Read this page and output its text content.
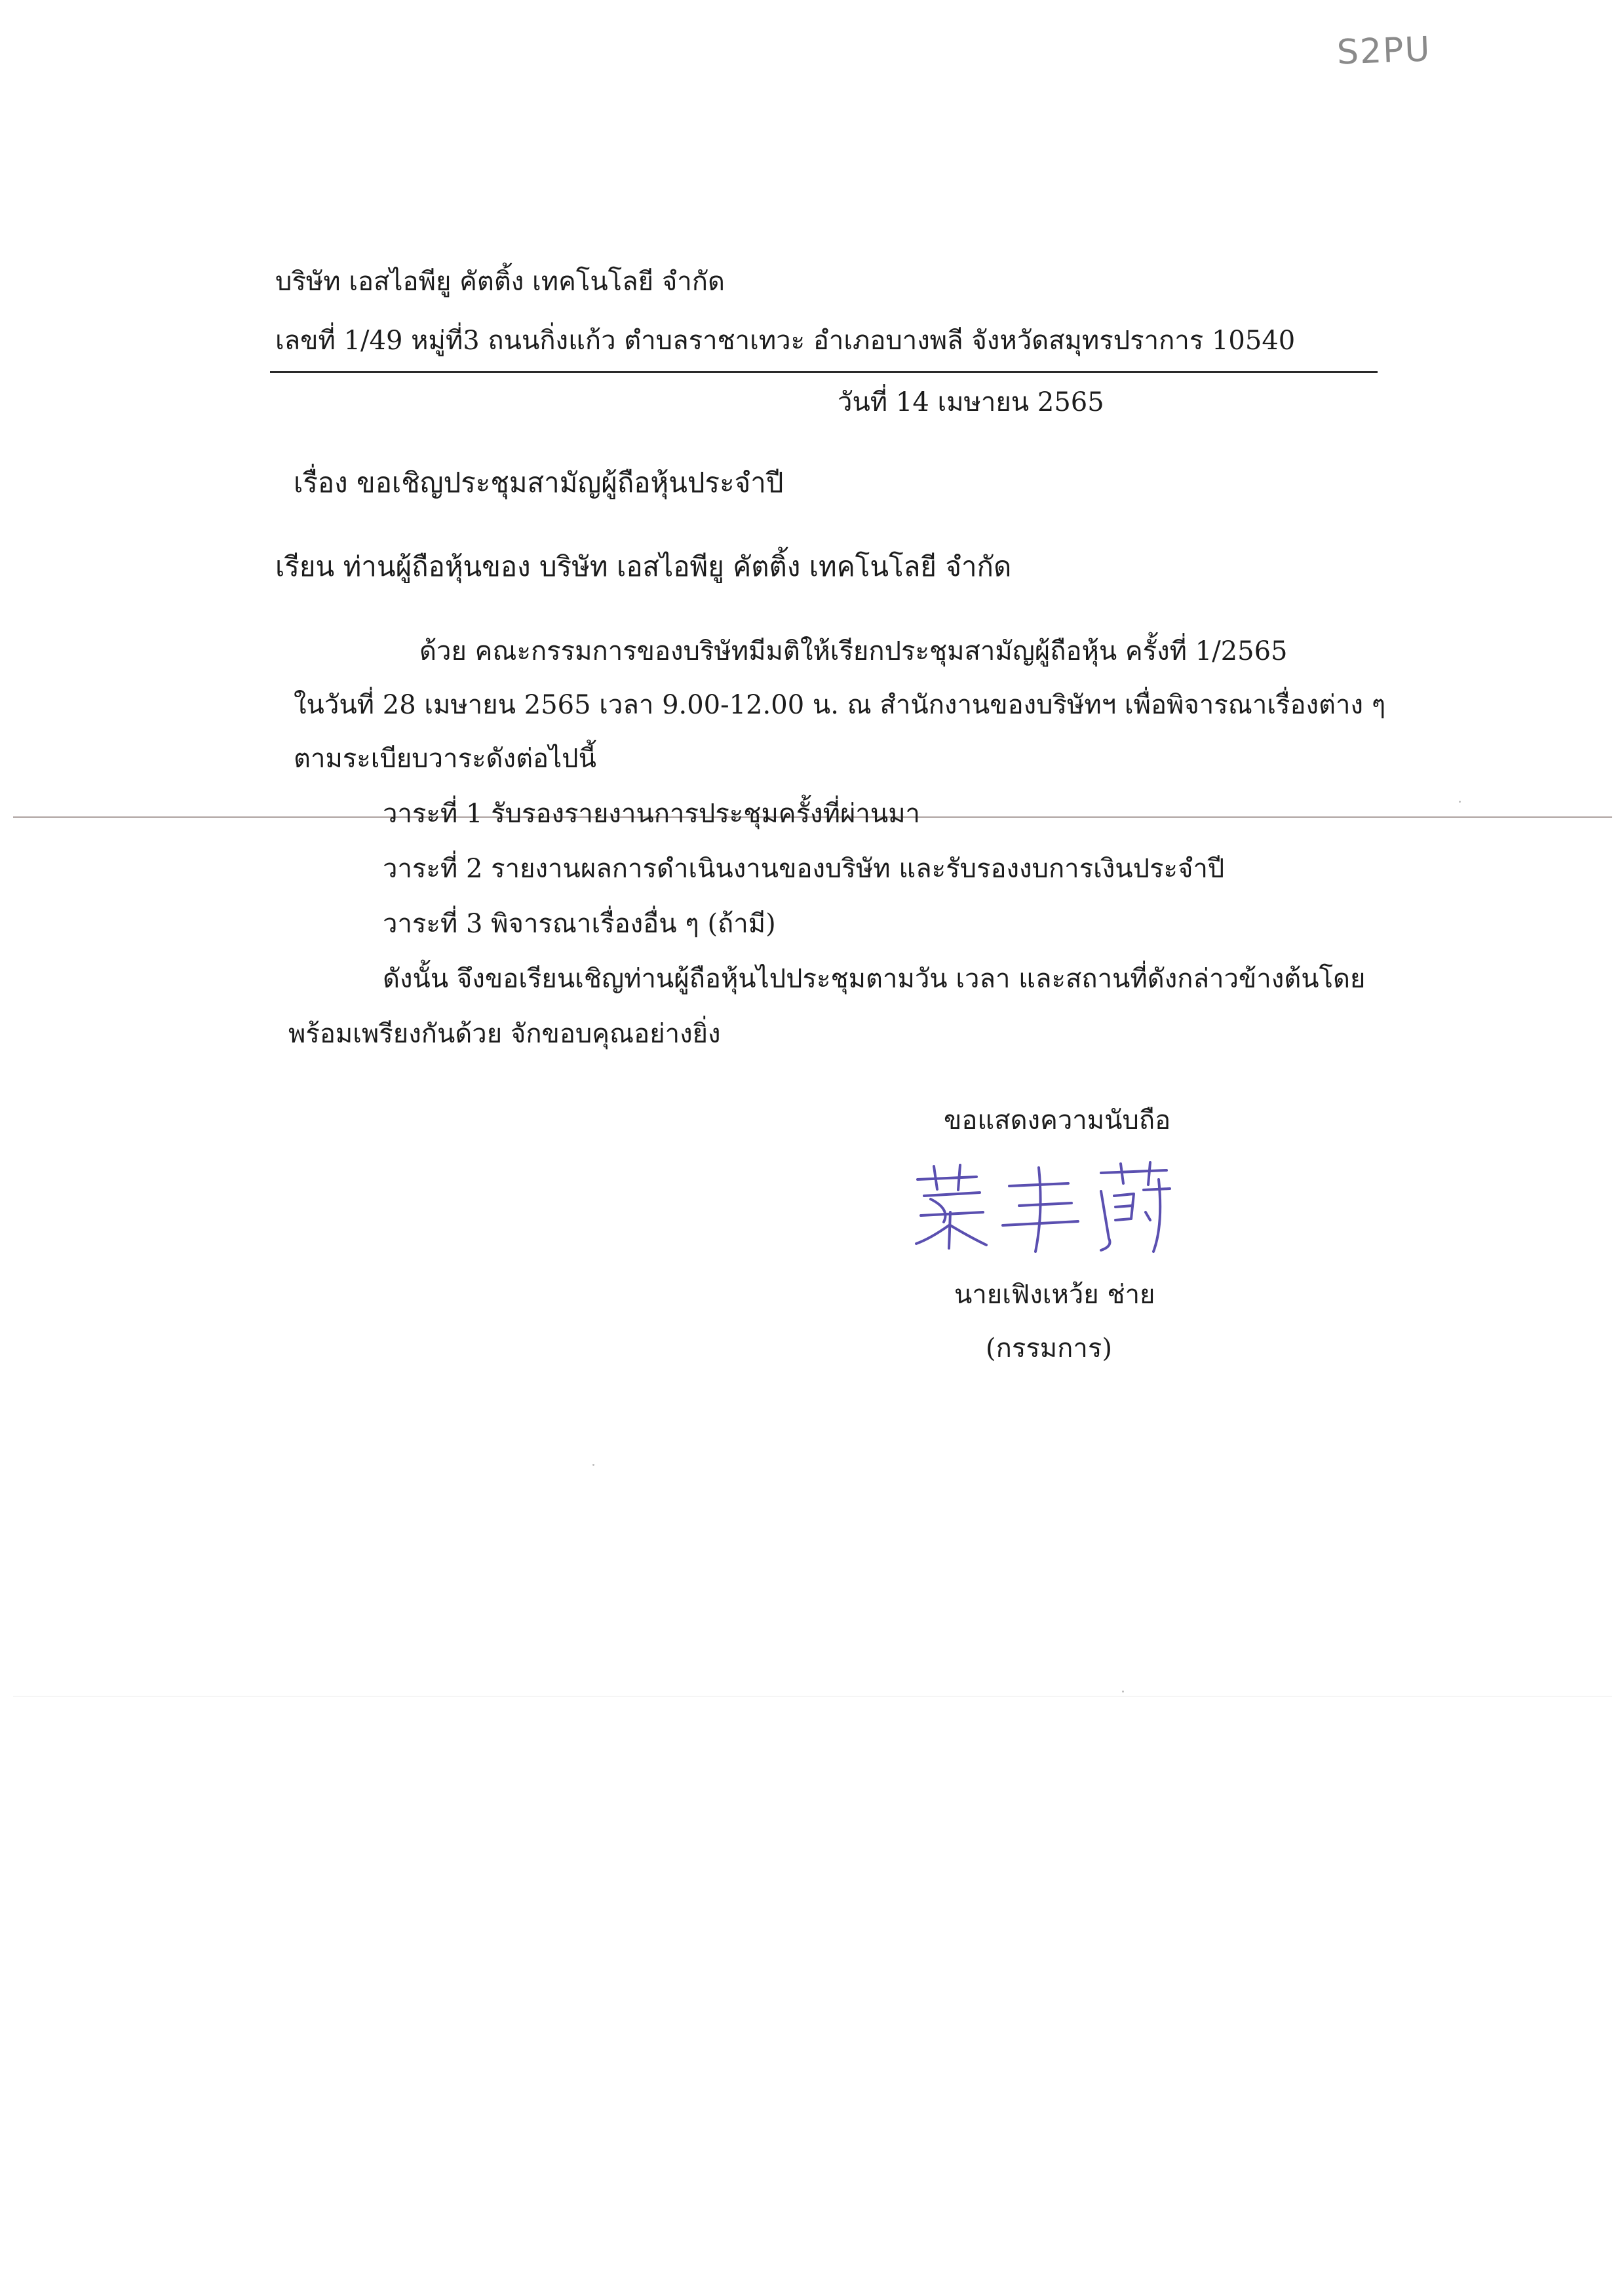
S2PU
บริษัท เอสไอพียู คัตติ้ง เทคโนโลยี จำกัด
เลขที่ 1/49 หมู่ที่3 ถนนกิ่งแก้ว ตำบลราชาเทวะ อำเภอบางพลี จังหวัดสมุทรปราการ 10540
วันที่ 14 เมษายน 2565
เรื่อง ขอเชิญประชุมสามัญผู้ถือหุ้นประจำปี
เรียน ท่านผู้ถือหุ้นของ บริษัท เอสไอพียู คัตติ้ง เทคโนโลยี จำกัด
ด้วย คณะกรรมการของบริษัทมีมติให้เรียกประชุมสามัญผู้ถือหุ้น ครั้งที่ 1/2565
ในวันที่ 28 เมษายน 2565 เวลา 9.00-12.00 น. ณ สำนักงานของบริษัทฯ เพื่อพิจารณาเรื่องต่าง ๆ
ตามระเบียบวาระดังต่อไปนี้
วาระที่ 1 รับรองรายงานการประชุมครั้งที่ผ่านมา
วาระที่ 2 รายงานผลการดำเนินงานของบริษัท และรับรองงบการเงินประจำปี
วาระที่ 3 พิจารณาเรื่องอื่น ๆ (ถ้ามี)
ดังนั้น จึงขอเรียนเชิญท่านผู้ถือหุ้นไปประชุมตามวัน เวลา และสถานที่ดังกล่าวข้างต้นโดย
พร้อมเพรียงกันด้วย จักขอบคุณอย่างยิ่ง
ขอแสดงความนับถือ
นายเฟิงเหว้ย ช่าย
(กรรมการ)
